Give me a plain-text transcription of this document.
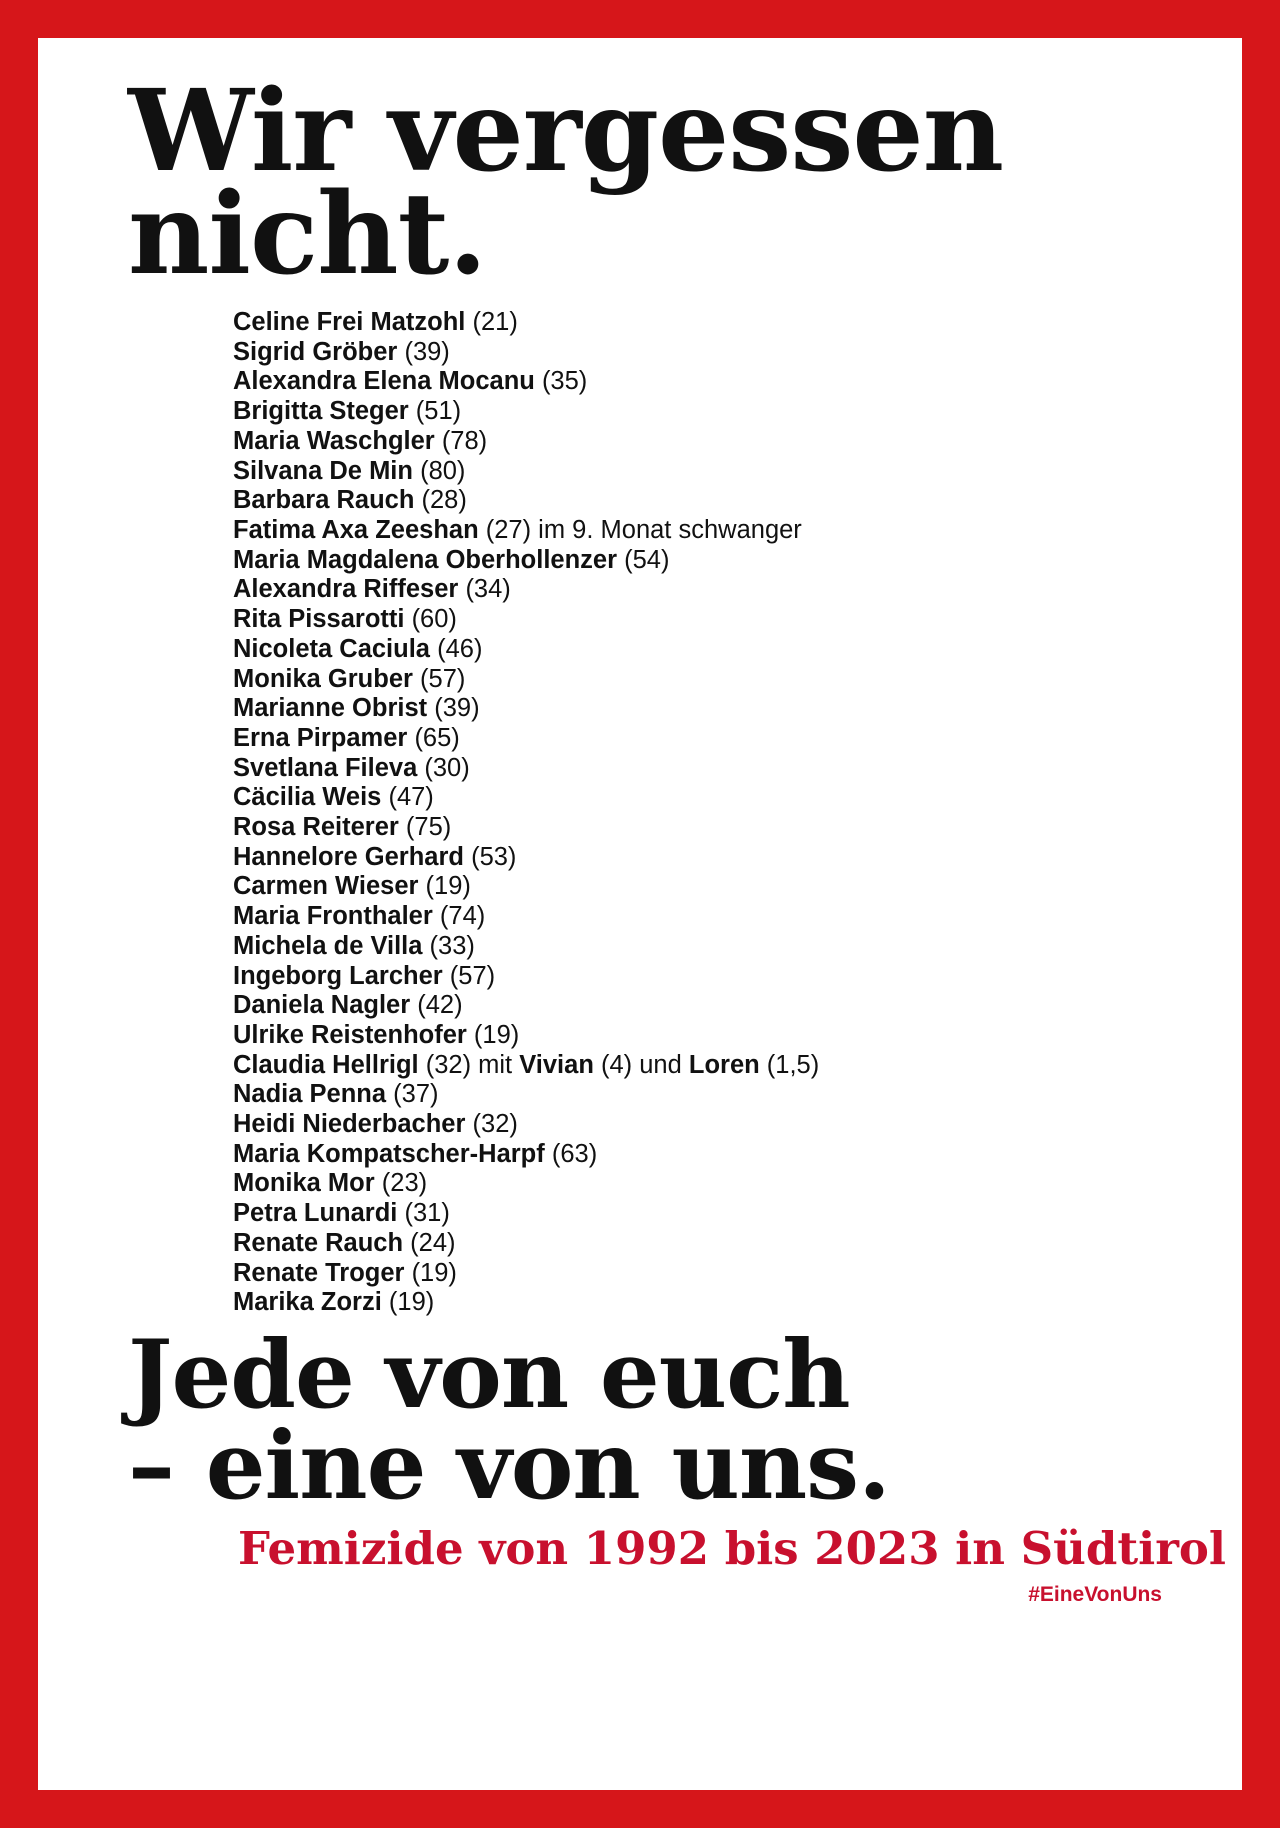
Wir vergessen
nicht.
Celine Frei Matzohl (21)
Sigrid Gröber (39)
Alexandra Elena Mocanu (35)
Brigitta Steger (51)
Maria Waschgler (78)
Silvana De Min (80)
Barbara Rauch (28)
Fatima Axa Zeeshan (27) im 9. Monat schwanger
Maria Magdalena Oberhollenzer (54)
Alexandra Riffeser (34)
Rita Pissarotti (60)
Nicoleta Caciula (46)
Monika Gruber (57)
Marianne Obrist (39)
Erna Pirpamer (65)
Svetlana Fileva (30)
Cäcilia Weis (47)
Rosa Reiterer (75)
Hannelore Gerhard (53)
Carmen Wieser (19)
Maria Fronthaler (74)
Michela de Villa (33)
Ingeborg Larcher (57)
Daniela Nagler (42)
Ulrike Reistenhofer (19)
Claudia Hellrigl (32) mit Vivian (4) und Loren (1,5)
Nadia Penna (37)
Heidi Niederbacher (32)
Maria Kompatscher-Harpf (63)
Monika Mor (23)
Petra Lunardi (31)
Renate Rauch (24)
Renate Troger (19)
Marika Zorzi (19)
Jede von euch
– eine von uns.
Femizide von 1992 bis 2023 in Südtirol
#EineVonUns
